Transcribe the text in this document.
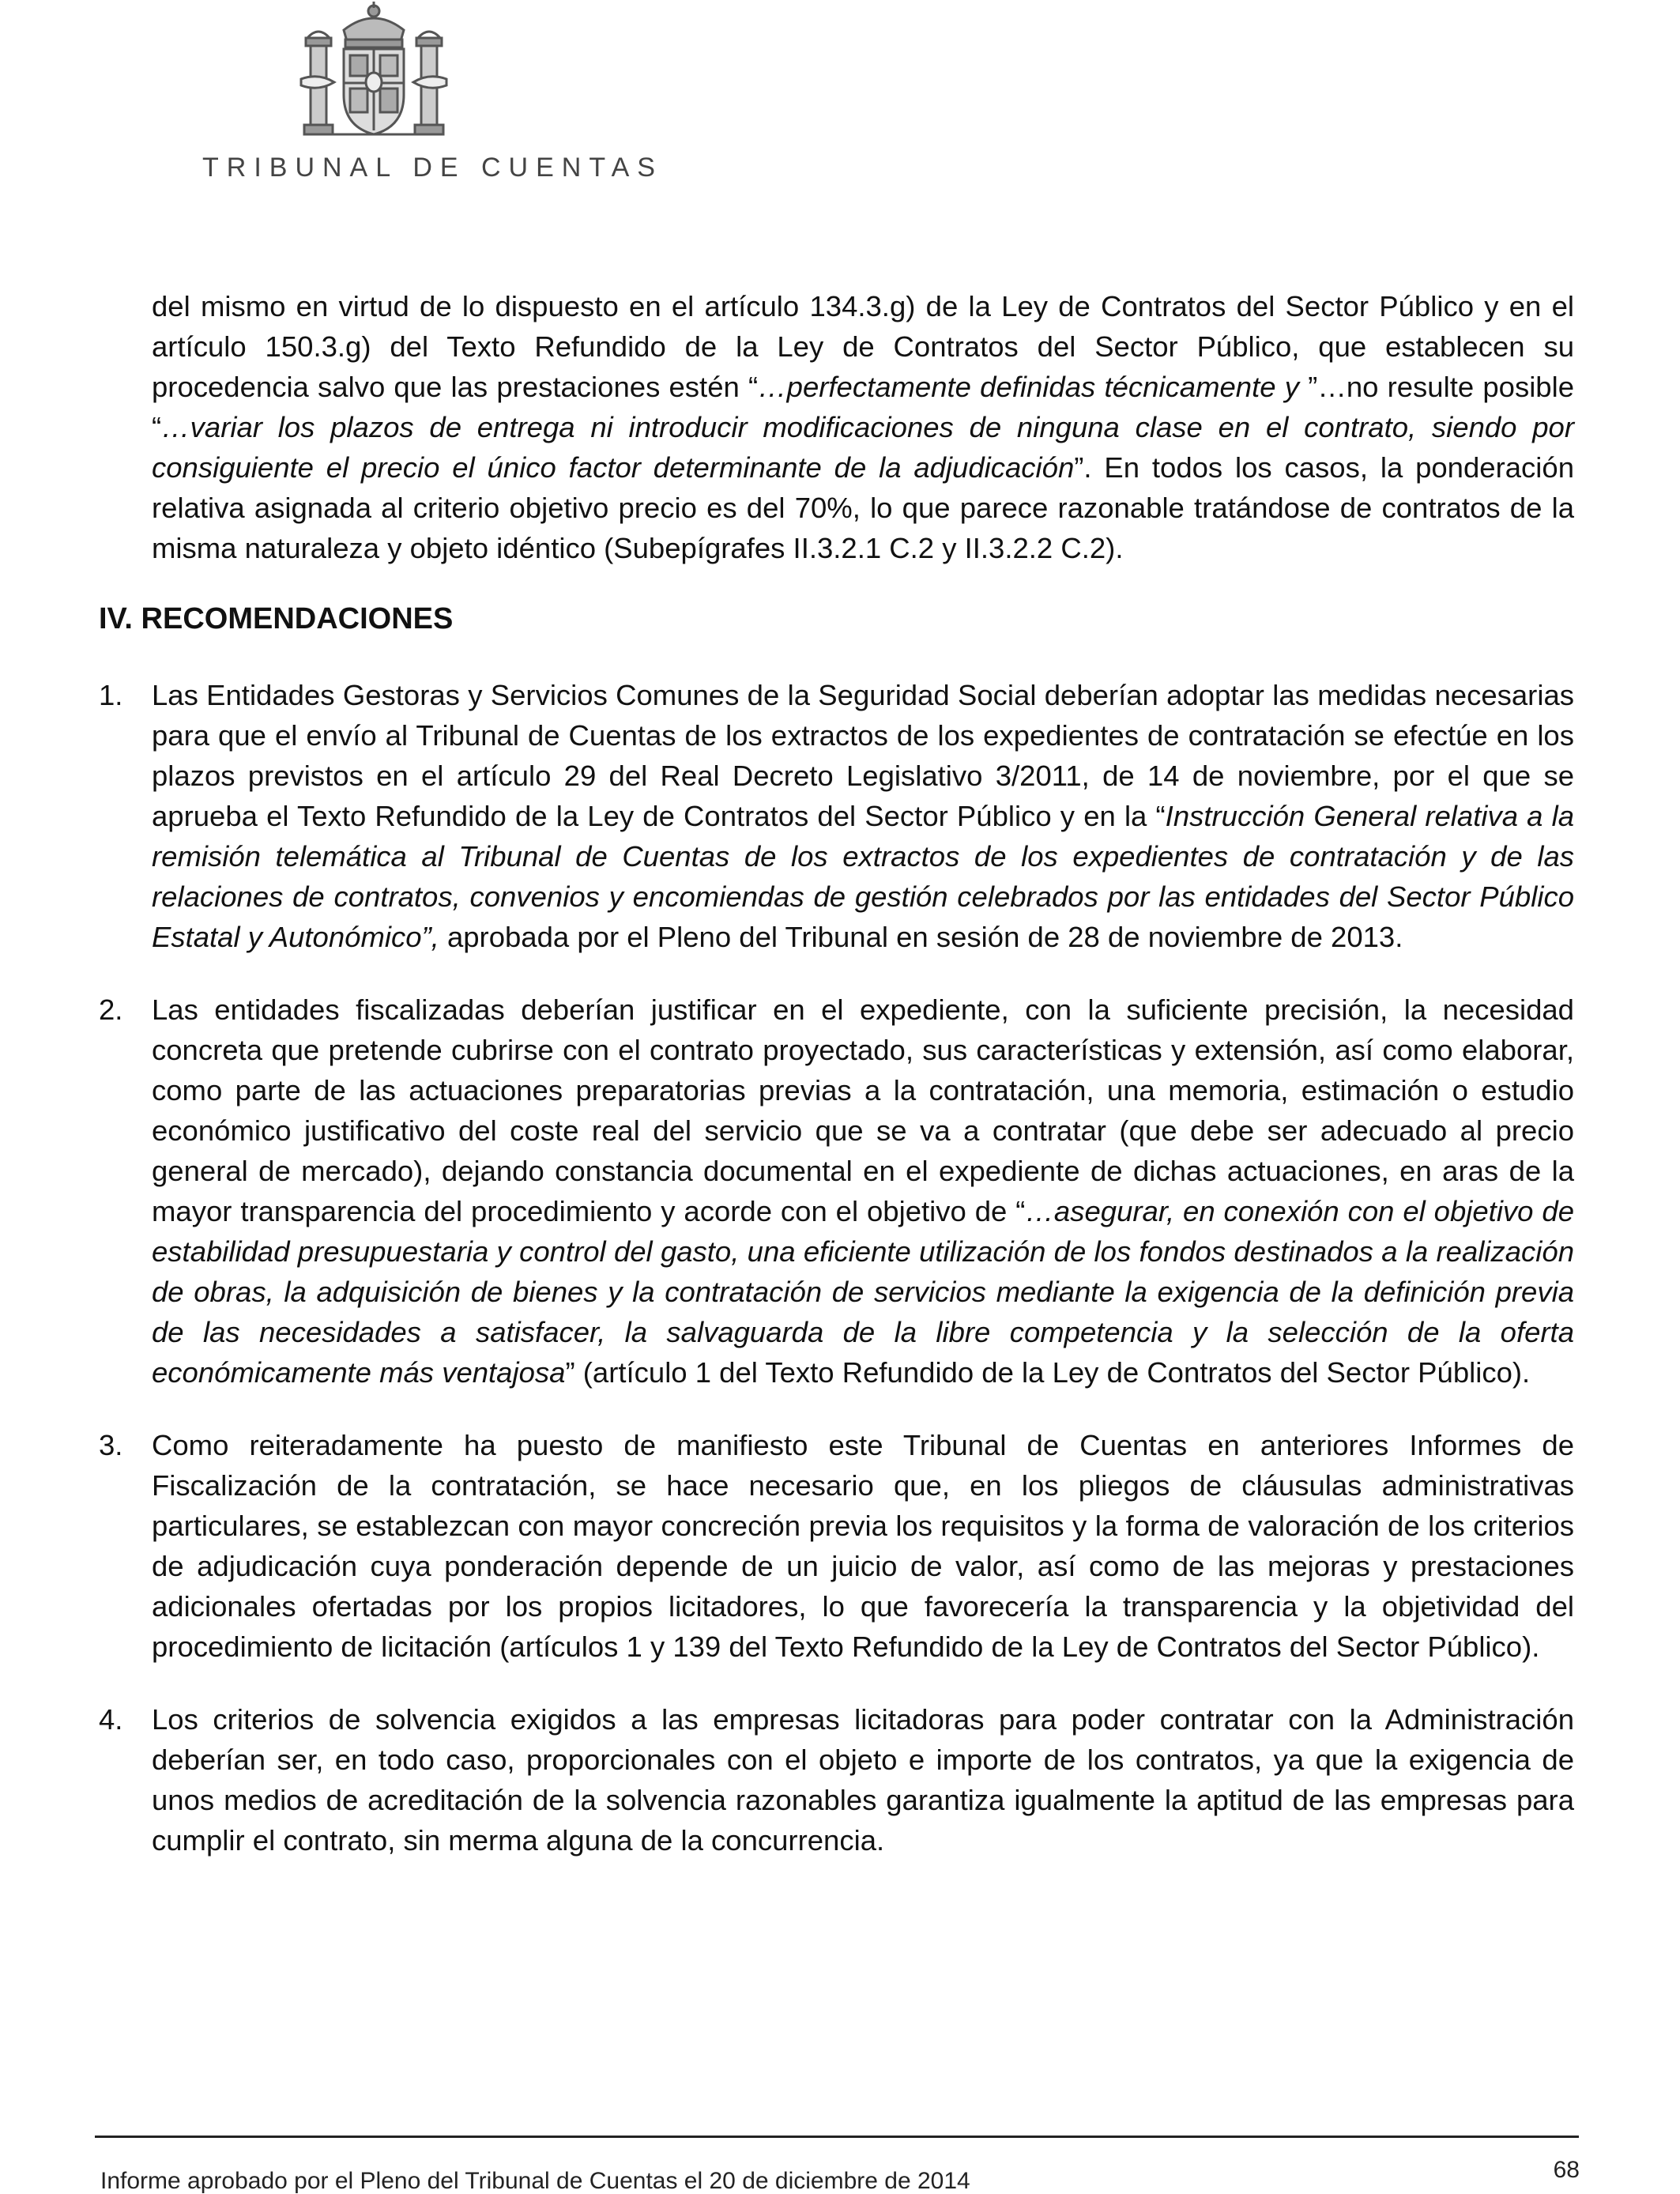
TRIBUNAL DE CUENTAS

del mismo en virtud de lo dispuesto en el artículo 134.3.g) de la Ley de Contratos del Sector Público y en el artículo 150.3.g) del Texto Refundido de la Ley de Contratos del Sector Público, que establecen su procedencia salvo que las prestaciones estén “…perfectamente definidas técnicamente y ”…no resulte posible “…variar los plazos de entrega ni introducir modificaciones de ninguna clase en el contrato, siendo por consiguiente el precio el único factor determinante de la adjudicación”. En todos los casos, la ponderación relativa asignada al criterio objetivo precio es del 70%, lo que parece razonable tratándose de contratos de la misma naturaleza y objeto idéntico (Subepígrafes II.3.2.1 C.2 y II.3.2.2 C.2).

IV. RECOMENDACIONES
1. Las Entidades Gestoras y Servicios Comunes de la Seguridad Social deberían adoptar las medidas necesarias para que el envío al Tribunal de Cuentas de los extractos de los expedientes de contratación se efectúe en los plazos previstos en el artículo 29 del Real Decreto Legislativo 3/2011, de 14 de noviembre, por el que se aprueba el Texto Refundido de la Ley de Contratos del Sector Público y en la “Instrucción General relativa a la remisión telemática al Tribunal de Cuentas de los extractos de los expedientes de contratación y de las relaciones de contratos, convenios y encomiendas de gestión celebrados por las entidades del Sector Público Estatal y Autonómico”, aprobada por el Pleno del Tribunal en sesión de 28 de noviembre de 2013.
2. Las entidades fiscalizadas deberían justificar en el expediente, con la suficiente precisión, la necesidad concreta que pretende cubrirse con el contrato proyectado, sus características y extensión, así como elaborar, como parte de las actuaciones preparatorias previas a la contratación, una memoria, estimación o estudio económico justificativo del coste real del servicio que se va a contratar (que debe ser adecuado al precio general de mercado), dejando constancia documental en el expediente de dichas actuaciones, en aras de la mayor transparencia del procedimiento y acorde con el objetivo de “…asegurar, en conexión con el objetivo de estabilidad presupuestaria y control del gasto, una eficiente utilización de los fondos destinados a la realización de obras, la adquisición de bienes y la contratación de servicios mediante la exigencia de la definición previa de las necesidades a satisfacer, la salvaguarda de la libre competencia y la selección de la oferta económicamente más ventajosa” (artículo 1 del Texto Refundido de la Ley de Contratos del Sector Público).
3. Como reiteradamente ha puesto de manifiesto este Tribunal de Cuentas en anteriores Informes de Fiscalización de la contratación, se hace necesario que, en los pliegos de cláusulas administrativas particulares, se establezcan con mayor concreción previa los requisitos y la forma de valoración de los criterios de adjudicación cuya ponderación depende de un juicio de valor, así como de las mejoras y prestaciones adicionales ofertadas por los propios licitadores, lo que favorecería la transparencia y la objetividad del procedimiento de licitación (artículos 1 y 139 del Texto Refundido de la Ley de Contratos del Sector Público).
4. Los criterios de solvencia exigidos a las empresas licitadoras para poder contratar con la Administración deberían ser, en todo caso, proporcionales con el objeto e importe de los contratos, ya que la exigencia de unos medios de acreditación de la solvencia razonables garantiza igualmente la aptitud de las empresas para cumplir el contrato, sin merma alguna de la concurrencia.
68
Informe aprobado por el Pleno del Tribunal de Cuentas el 20 de diciembre de 2014
